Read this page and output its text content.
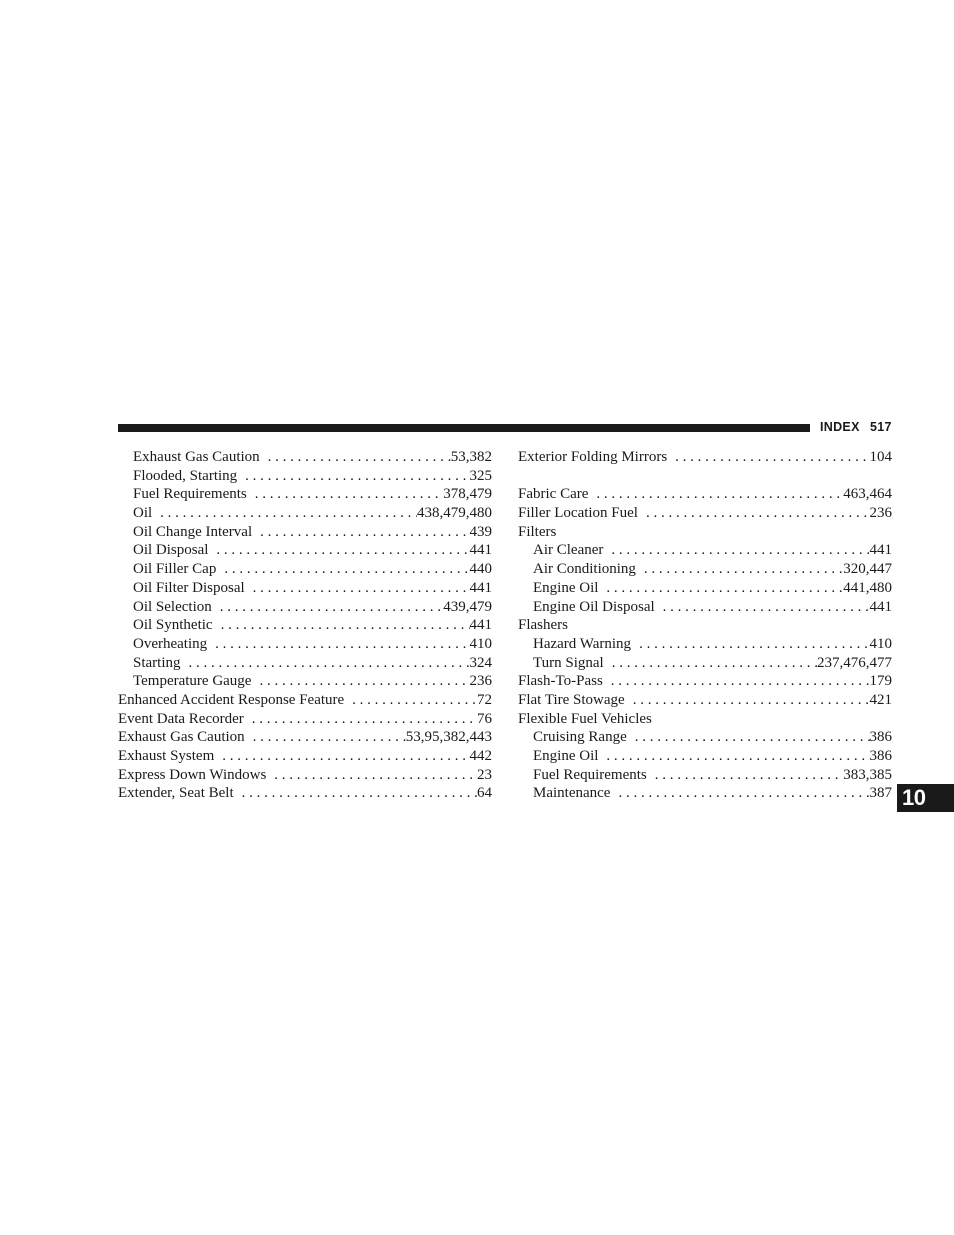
INDEX 517
Exhaust Gas Caution . . .	53,382
Flooded, Starting . . .	325
Fuel Requirements . . .	378,479
Oil . . .	438,479,480
Oil Change Interval . . .	439
Oil Disposal . . .	441
Oil Filler Cap . . .	440
Oil Filter Disposal . . .	441
Oil Selection . . .	439,479
Oil Synthetic . . .	441
Overheating . . .	410
Starting . . .	324
Temperature Gauge . . .	236
Enhanced Accident Response Feature . . .	72
Event Data Recorder . . .	76
Exhaust Gas Caution . . .	53,95,382,443
Exhaust System . . .	442
Express Down Windows . . .	23
Extender, Seat Belt . . .	64
Exterior Folding Mirrors . . .	104
Fabric Care . . .	463,464
Filler Location Fuel . . .	236
Filters
Air Cleaner . . .	441
Air Conditioning . . .	320,447
Engine Oil . . .	441,480
Engine Oil Disposal . . .	441
Flashers
Hazard Warning . . .	410
Turn Signal . . .	237,476,477
Flash-To-Pass . . .	179
Flat Tire Stowage . . .	421
Flexible Fuel Vehicles
Cruising Range . . .	386
Engine Oil . . .	386
Fuel Requirements . . .	383,385
Maintenance . . .	387 10
